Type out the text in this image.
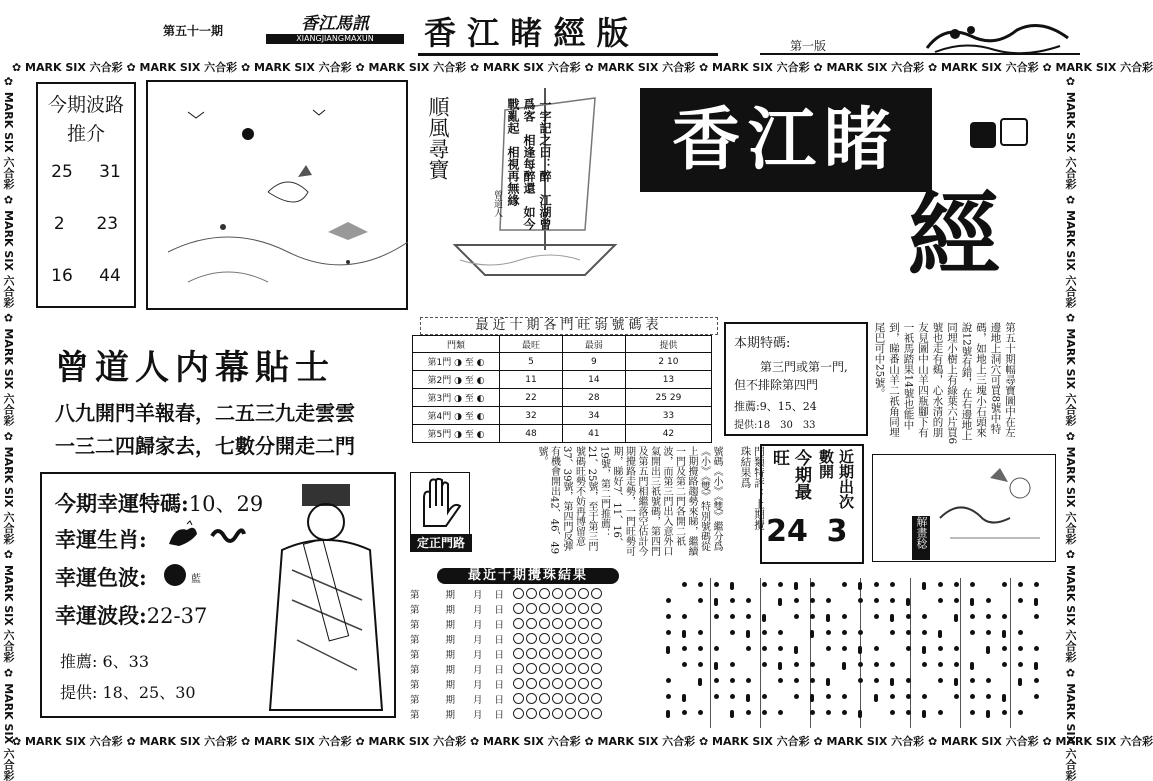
第五十一期	香江馬訊
XIANGJIANGMAXUN	香 江 睹 經 版	第一版
✿ MARK SIX 六合彩 ✿ MARK SIX 六合彩 ✿ MARK SIX 六合彩 ✿ MARK SIX 六合彩 ✿ MARK SIX 六合彩 ✿ MARK SIX 六合彩 ✿ MARK SIX 六合彩 ✿ MARK SIX 六合彩 ✿ MARK SIX 六合彩 ✿ MARK SIX 六合彩
✿ MARK SIX 六合彩 ✿ MARK SIX 六合彩 ✿ MARK SIX 六合彩 ✿ MARK SIX 六合彩 ✿ MARK SIX 六合彩 ✿ MARK SIX 六合彩 ✿ MARK SIX 六合彩 ✿ MARK SIX 六合彩 ✿ MARK SIX 六合彩 ✿ MARK SIX 六合彩
✿ MARK SIX 六合彩 ✿ MARK SIX 六合彩 ✿ MARK SIX 六合彩 ✿ MARK SIX 六合彩 ✿ MARK SIX 六合彩 ✿ MARK SIX 六合彩
✿ MARK SIX 六合彩 ✿ MARK SIX 六合彩 ✿ MARK SIX 六合彩 ✿ MARK SIX 六合彩 ✿ MARK SIX 六合彩 ✿ MARK SIX 六合彩
今期波路
推介
25 31
2 23
16 44
順風尋寶	一字記之曰：醉　江湖曾爲客　相逢每醉還　如今戰亂起　相視再無緣
曾道人
香江睹
經
曾道人内幕貼士
八九開門羊報春，二五三九走雲雲
一三二四歸家去，七數分開走二門
今期幸運特碼:10、29
幸運生肖:
幸運色波:	藍
幸運波段:22-37
推薦: 6、33
提供: 18、25、30
最近十期各門旺弱號碼表
門類	最旺	最弱	提供
第1門 ◑ 至 ◐	5	9	2 10
第2門 ◑ 至 ◐	11	14	13
第3門 ◑ 至 ◐	22	28	25 29
第4門 ◑ 至 ◐	32	34	33
第5門 ◑ 至 ◐	48	41	42
本期特碼:
第三門或第一門,
但不排除第四門
推薦:9、15、24
提供:18　30　33	第五十期幅尋寶圖中在左邊地上洞穴可買8號中特碼，如地上三塊小石頭來說12號有錯，在右邊地上同埋小樹上有綠葉六片買6號也走有鷄，心水清的朋友見圖中山羊四瓶腳下有一祇馬踏果14號也能中到，睇番山羊二祇角同埋尾巴可中25號。
門類特評：上期攪珠結果爲
號碼《小》《雙》繼分爲《小》《雙》特別號碼從上期攪路趨勢來睇，繼續一門及第二門各開二祇波，而第三門出入意外口氣開出三祇號碼，第四門及第五門相繼落空估計今期攪路走勢，一門旺勢可期，睇好7、11、16、19號，第二門推薦：21、25號，至于第三門號碼旺勢不妨再博留意37、39號，第四門反彈有機會開出42、46、49號。
定正門路
今期最旺	近期出次數開
24 3	解畫稔
最近十期攪珠結果
第	期 月 日
第	期 月 日
第	期 月 日
第	期 月 日
第	期 月 日
第	期 月 日
第	期 月 日
第	期 月 日
第	期 月 日
